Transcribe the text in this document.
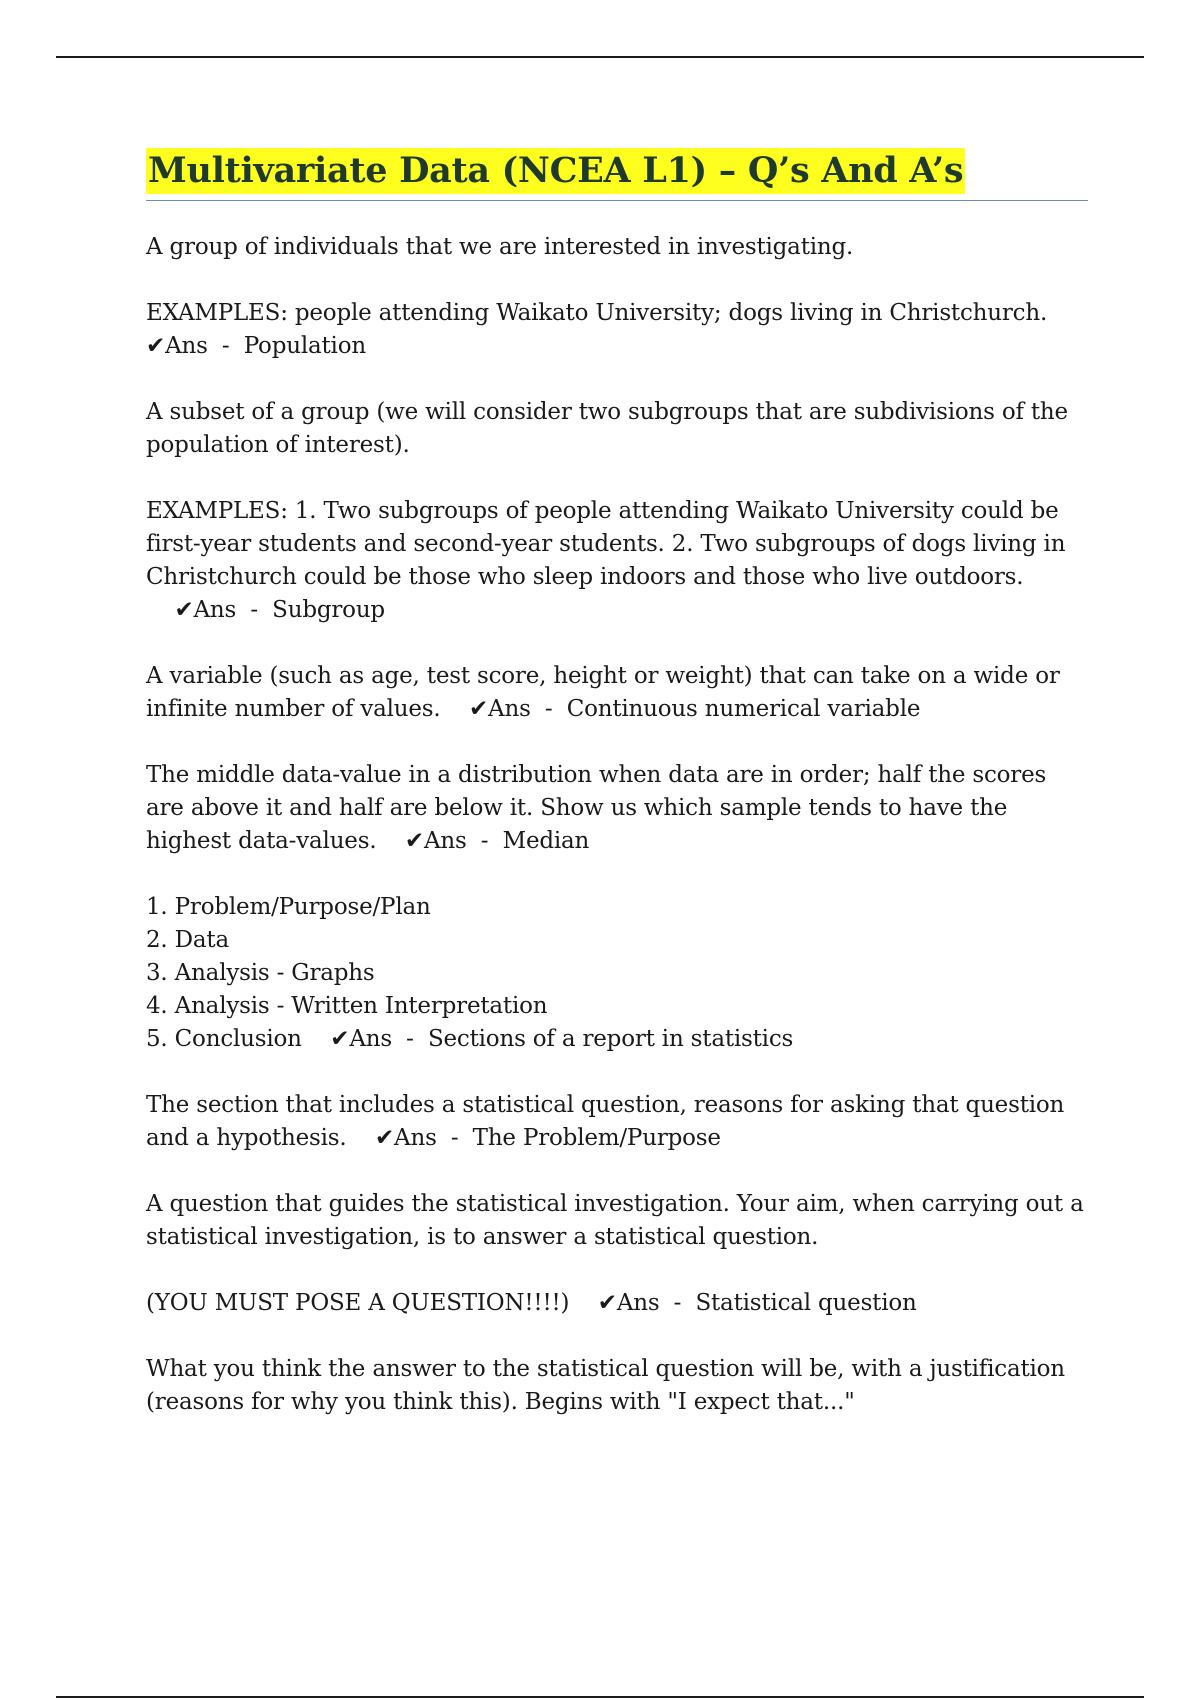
Multivariate Data (NCEA L1) – Q’s And A’s

A group of individuals that we are interested in investigating.

EXAMPLES: people attending Waikato University; dogs living in Christchurch.
✔Ans  -  Population

A subset of a group (we will consider two subgroups that are subdivisions of the population of interest).

EXAMPLES: 1. Two subgroups of people attending Waikato University could be first-year students and second-year students. 2. Two subgroups of dogs living in Christchurch could be those who sleep indoors and those who live outdoors.    ✔Ans  -  Subgroup

A variable (such as age, test score, height or weight) that can take on a wide or infinite number of values. ✔Ans  -  Continuous numerical variable

The middle data-value in a distribution when data are in order; half the scores are above it and half are below it. Show us which sample tends to have the highest data-values. ✔Ans  -  Median

1. Problem/Purpose/Plan
2. Data
3. Analysis - Graphs
4. Analysis - Written Interpretation
5. Conclusion ✔Ans  -  Sections of a report in statistics

The section that includes a statistical question, reasons for asking that question and a hypothesis. ✔Ans  -  The Problem/Purpose

A question that guides the statistical investigation. Your aim, when carrying out a statistical investigation, is to answer a statistical question.

(YOU MUST POSE A QUESTION!!!!) ✔Ans  -  Statistical question

What you think the answer to the statistical question will be, with a justification (reasons for why you think this). Begins with "I expect that..."
